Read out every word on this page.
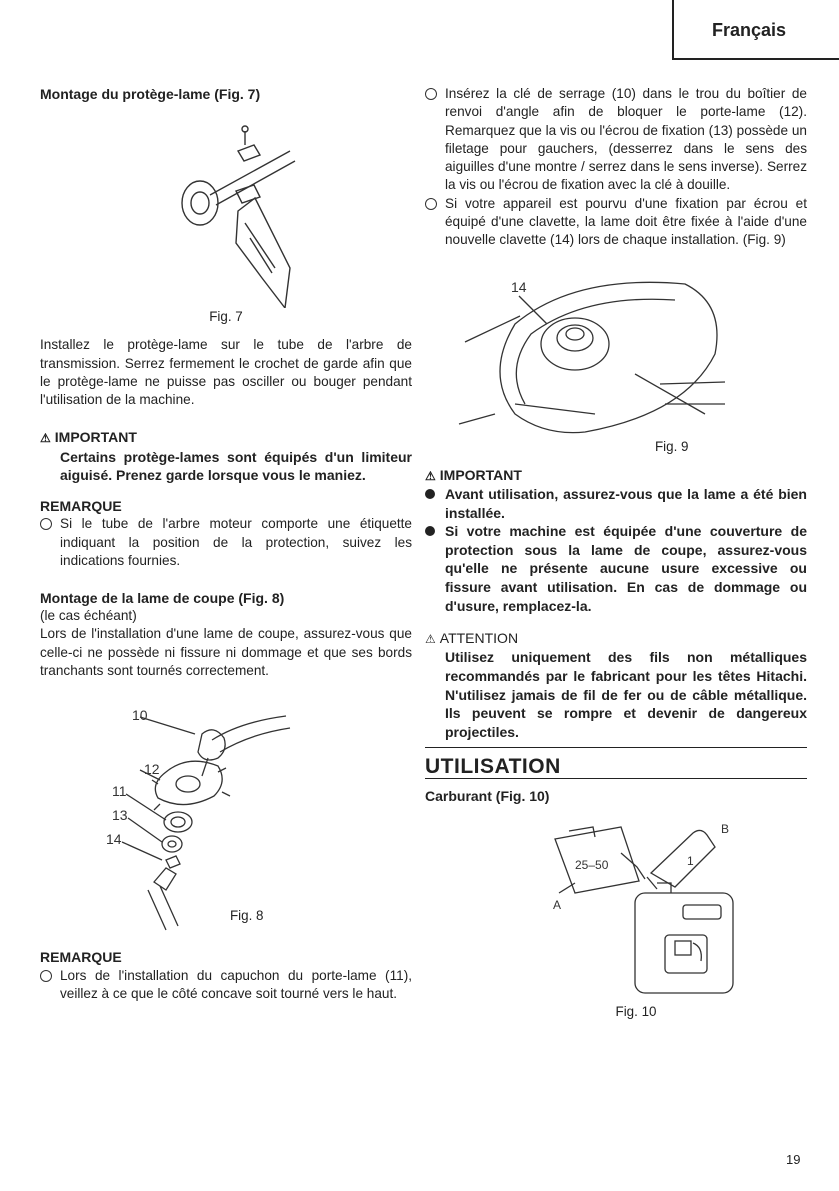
Français
Montage du protège-lame (Fig. 7)
Fig. 7

Installez le protège-lame sur le tube de l'arbre de transmission. Serrez fermement le crochet de garde afin que le protège-lame ne puisse pas osciller ou bouger pendant l'utilisation de la machine.

⚠ IMPORTANT
Certains protège-lames sont équipés d'un limiteur aiguisé. Prenez garde lorsque vous le maniez.
REMARQUE
Si le tube de l'arbre moteur comporte une étiquette indiquant la position de la protection, suivez les indications fournies.
Montage de la lame de coupe (Fig. 8)
(le cas échéant)

Lors de l'installation d'une lame de coupe, assurez-vous que celle-ci ne possède ni fissure ni dommage et que ses bords tranchants sont tournés correctement.

10
12
11
13
14
Fig. 8
REMARQUE
Lors de l'installation du capuchon du porte-lame (11), veillez à ce que le côté concave soit tourné vers le haut.
Insérez la clé de serrage (10) dans le trou du boîtier de renvoi d'angle afin de bloquer le porte-lame (12). Remarquez que la vis ou l'écrou de fixation (13) possède un filetage pour gauchers, (desserrez dans le sens des aiguilles d'une montre / serrez dans le sens inverse). Serrez la vis ou l'écrou de fixation avec la clé à douille.
Si votre appareil est pourvu d'une fixation par écrou et équipé d'une clavette, la lame doit être fixée à l'aide d'une nouvelle clavette (14) lors de chaque installation. (Fig. 9)
14
Fig. 9
⚠ IMPORTANT
Avant utilisation, assurez-vous que la lame a été bien installée.
Si votre machine est équipée d'une couverture de protection sous la lame de coupe, assurez-vous qu'elle ne présente aucune usure excessive ou fissure avant utilisation. En cas de dommage ou d'usure, remplacez-la.
⚠ ATTENTION
Utilisez uniquement des fils non métalliques recommandés par le fabricant pour les têtes Hitachi. N'utilisez jamais de fil de fer ou de câble métallique. Ils peuvent se rompre et devenir de dangereux projectiles.
UTILISATION
Carburant (Fig. 10)
25–50	1
A
B
Fig. 10
19
